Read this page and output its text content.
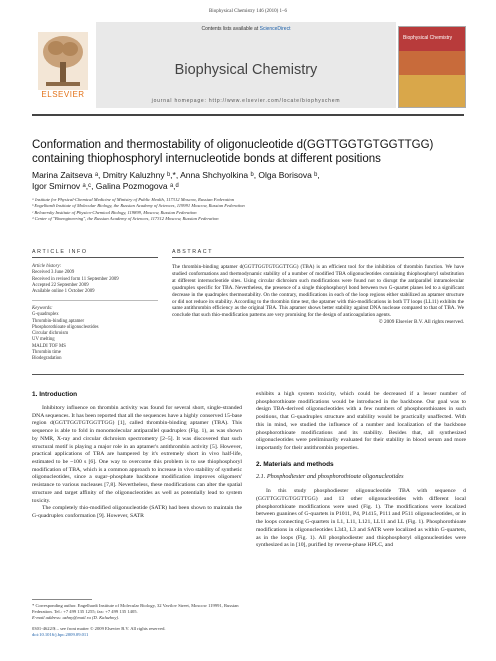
Biophysical Chemistry 146 (2010) 1–6
ELSEVIER
Contents lists available at ScienceDirect
Biophysical Chemistry
journal homepage: http://www.elsevier.com/locate/biophyschem
Biophysical Chemistry
Conformation and thermostability of oligonucleotide d(GGTTGGTGTGGTTGG)
containing thiophosphoryl internucleotide bonds at different positions
Marina Zaitseva ᵃ, Dmitry Kaluzhny ᵇ,*, Anna Shchyolkina ᵇ, Olga Borisova ᵇ,
Igor Smirnov ᵃ,ᶜ, Galina Pozmogova ᵃ,ᵈ
ᵃ Institute for Physical-Chemical Medicine of Ministry of Public Health, 117312 Moscow, Russian Federation
ᵇ Engelhardt Institute of Molecular Biology, the Russian Academy of Sciences, 119991 Moscow, Russian Federation
ᶜ Belozersky Institute of Physico-Chemical Biology, 119899, Moscow, Russian Federation
ᵈ Center of "Bioengineering", the Russian Academy of Sciences, 117312 Moscow, Russian Federation
ARTICLE INFO	ABSTRACT
Article history:
Received 3 June 2009
Received in revised form 11 September 2009
Accepted 22 September 2009
Available online 1 October 2009
Keywords:
G-quadruplex
Thrombin-binding aptamer
Phosphorothioate oligonucleotides
Circular dichroism
UV melting
MALDI TOF MS
Thrombin time
Biodegradation
The thrombin-binding aptamer d(GGTTGGTGTGGTTGG) (TBA) is an efficient tool for the inhibition of thrombin function. We have studied conformations and thermodynamic stability of a number of modified TBA oligonucleotides containing thiophosphoryl substitution at different internucleotide sites. Using circular dichroism such modifications were found not to disrupt the antiparallel intramolecular quadruplex specific for TBA. Nevertheless, the presence of a single thiophosphoryl bond between two G-quartet planes led to a significant decrease in the quadruplex thermostability. On the contrary, modifications in each of the loop regions either stabilized an aptamer structure or did not reduce its stability. According to the thrombin time test, the aptamer with thio-modifications in both TT loops (LL11) exhibits the same antithrombin efficiency as the original TBA. This aptamer shows better stability against DNA nuclease compared to that of TBA. We conclude that such thio-modification patterns are very promising for the design of anticoagulation agents.
© 2009 Elsevier B.V. All rights reserved.
1. Introduction

Inhibitory influence on thrombin activity was found for several short, single-stranded DNA sequences. It has been reported that all the sequences have a highly conserved 15-base region d(GGTTGGTGTGGTTGG) [1], called thrombin-binding aptamer (TBA). This sequence is able to fold in monomolecular antiparallel quadruplex (Fig. 1), as was shown by NMR, X-ray and circular dichroism spectrometry [2–5]. It was discovered that such structural motif is playing a major role in an aptamer's antithrombin activity [5]. However, practical applications of TBA are hampered by it's extremely short in vivo half-life, estimated to be ~100 s [6]. One way to overcome this problem is to use thiophosphoryl modification of TBA, which is a common approach to increase in vivo stability of synthetic oligonucleotides, since a sugar–phosphate backbone modification improves oligomers' resistance to various nucleases [7,8]. Nevertheless, these modifications can alter the spatial structure and target affinity of the oligonucleotides as well as potentially lead to system toxicity.

The completely thio-modified oligonucleotide (SATR) had been shown to maintain the G-quadruplex conformation [9]. However, SATR

* Corresponding author. Engelhardt Institute of Molecular Biology, 32 Vavilov Street, Moscow 119991, Russian Federation. Tel.: +7 499 135 1255; fax: +7 499 135 1405.
E-mail address: uzhny@mail.ru (D. Kaluzhny).
0301-4622/$ – see front matter © 2009 Elsevier B.V. All rights reserved.
doi:10.1016/j.bpc.2009.09.011

exhibits a high system toxicity, which could be decreased if a lesser number of phosphorothioate modifications would be introduced in the backbone. Our goal was to design TBA-derived oligonucleotides with a few numbers of phosphorothioates in such positions, that G-quadruplex structure and stability would be practically unaffected. With this in mind, we studied the influence of a number and localization of the backbone phosphorothioate modifications and its stability. Besides that, all synthesized oligonucleotides were preliminarily evaluated for their stability in blood serum and more importantly for their antithrombin properties.

2. Materials and methods
2.1. Phosphodiester and phosphorothioate oligonucleotides

In this study phosphodiester oligonucleotide TBA with sequence d (GGTTGGTGTGGTTGG) and 13 other oligonucleotides with different local phosphorothioate modifications were used (Fig. 1). The modifications were localized between guanines of G-quartets in P1011, P4, P1415, P111 and P511 oligonucleotides, or in the loops connecting G-quartets in L1, L11, L121, LL11 and LL (Fig. 1). Phosphorothioate modifications in oligonucleotides L343, L3 and SATR were localized as within G-quartets, as in the loops (Fig. 1). All phosphodiester and thiophosphoryl oligonucleotides were synthesized as in [10], purified by reverse-phase HPLC, and
